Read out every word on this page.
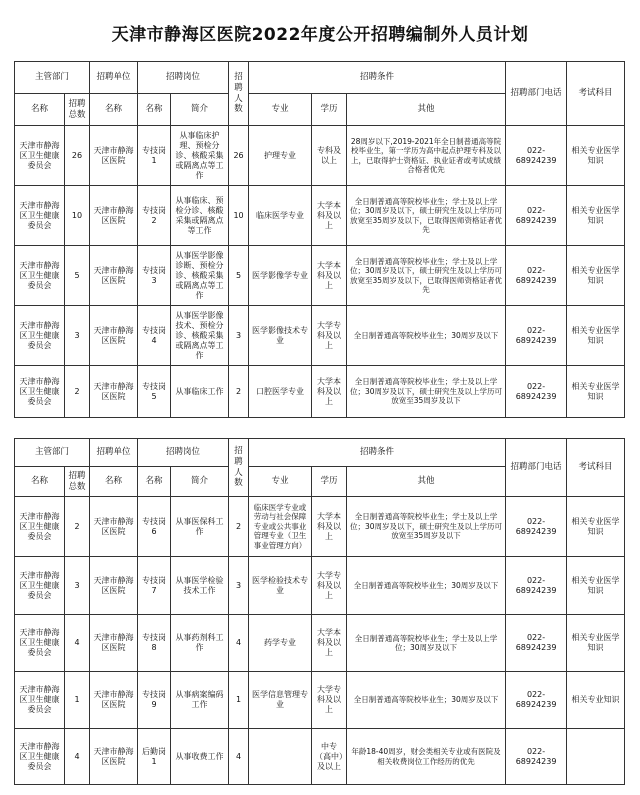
天津市静海区医院2022年度公开招聘编制外人员计划
主管部门		招聘单位	招聘岗位		招聘人数	招聘条件			招聘部门电话	考试科目
名称	招聘总数	名称	名称	简介		专业	学历	其他		
天津市静海区卫生健康委员会	26	天津市静海区医院	专技岗1	从事临床护理、预检分诊、核酸采集或隔离点等工作	26	护理专业	专科及以上	28周岁以下,2019-2021年全日制普通高等院校毕业生，第一学历为高中起点护理专科及以上，已取得护士资格证、执业证者或考试成绩合格者优先	022-68924239	相关专业医学知识
天津市静海区卫生健康委员会	10	天津市静海区医院	专技岗2	从事临床、预检分诊、核酸采集或隔离点等工作	10	临床医学专业	大学本科及以上	全日制普通高等院校毕业生；学士及以上学位；30周岁及以下，硕士研究生及以上学历可放宽至35周岁及以下，已取得医师资格证者优先	022-68924239	相关专业医学知识
天津市静海区卫生健康委员会	5	天津市静海区医院	专技岗3	从事医学影像诊断、预检分诊、核酸采集或隔离点等工作	5	医学影像学专业	大学本科及以上	全日制普通高等院校毕业生；学士及以上学位；30周岁及以下，硕士研究生及以上学历可放宽至35周岁及以下，已取得医师资格证者优先	022-68924239	相关专业医学知识
天津市静海区卫生健康委员会	3	天津市静海区医院	专技岗4	从事医学影像技术、预检分诊、核酸采集或隔离点等工作	3	医学影像技术专业	大学专科及以上	全日制普通高等院校毕业生；30周岁及以下	022-68924239	相关专业医学知识
天津市静海区卫生健康委员会	2	天津市静海区医院	专技岗5	从事临床工作	2	口腔医学专业	大学本科及以上	全日制普通高等院校毕业生；学士及以上学位；30周岁及以下，硕士研究生及以上学历可放宽至35周岁及以下	022-68924239	相关专业医学知识
主管部门		招聘单位	招聘岗位		招聘人数	招聘条件			招聘部门电话	考试科目
名称	招聘总数	名称	名称	简介		专业	学历	其他		
天津市静海区卫生健康委员会	2	天津市静海区医院	专技岗6	从事医保科工作	2	临床医学专业或劳动与社会保障专业或公共事业管理专业（卫生事业管理方向）	大学本科及以上	全日制普通高等院校毕业生；学士及以上学位；30周岁及以下，硕士研究生及以上学历可放宽至35周岁及以下	022-68924239	相关专业医学知识
天津市静海区卫生健康委员会	3	天津市静海区医院	专技岗7	从事医学检验技术工作	3	医学检验技术专业	大学专科及以上	全日制普通高等院校毕业生；30周岁及以下	022-68924239	相关专业医学知识
天津市静海区卫生健康委员会	4	天津市静海区医院	专技岗8	从事药剂科工作	4	药学专业	大学本科及以上	全日制普通高等院校毕业生；学士及以上学位；30周岁及以下	022-68924239	相关专业医学知识
天津市静海区卫生健康委员会	1	天津市静海区医院	专技岗9	从事病案编码工作	1	医学信息管理专业	大学专科及以上	全日制普通高等院校毕业生；30周岁及以下	022-68924239	相关专业知识
天津市静海区卫生健康委员会	4	天津市静海区医院	后勤岗1	从事收费工作	4		中专（高中）及以上	年龄18-40周岁，财会类相关专业或有医院及相关收费岗位工作经历的优先	022-68924239	
